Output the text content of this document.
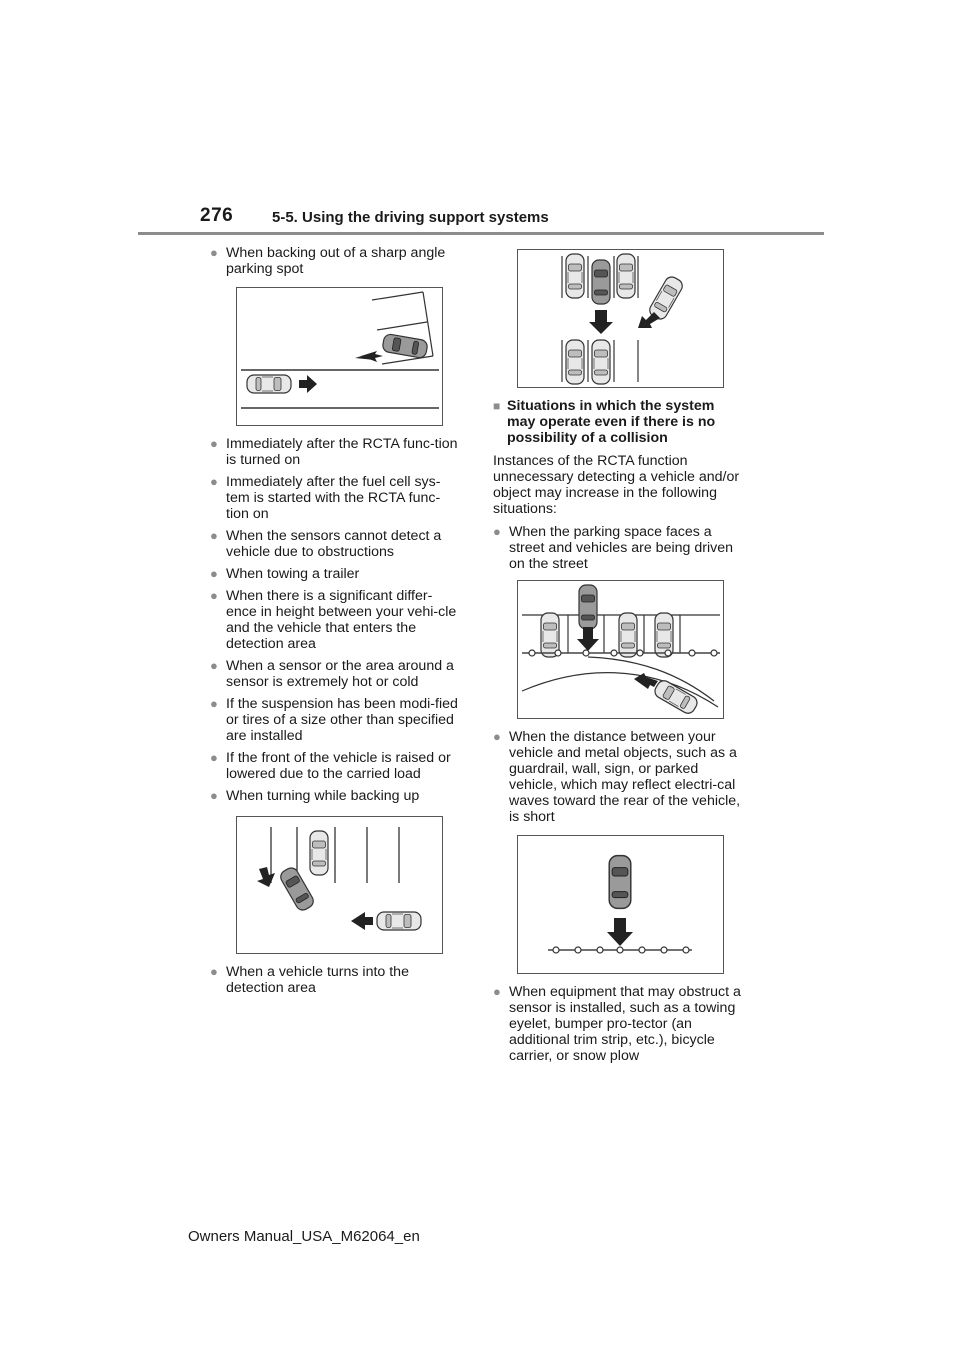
276	5-5. Using the driving support systems
● When backing out of a sharp angle parking spot
● Immediately after the RCTA func-tion is turned on
● Immediately after the fuel cell sys-tem is started with the RCTA func-tion on
● When the sensors cannot detect a vehicle due to obstructions
● When towing a trailer
● When there is a significant differ-ence in height between your vehi-cle and the vehicle that enters the detection area
● When a sensor or the area around a sensor is extremely hot or cold
● If the suspension has been modi-fied or tires of a size other than specified are installed
● If the front of the vehicle is raised or lowered due to the carried load
● When turning while backing up
● When a vehicle turns into the detection area
■ Situations in which the system may operate even if there is no possibility of a collision
Instances of the RCTA function unnecessary detecting a vehicle and/or object may increase in the following situations:
● When the parking space faces a street and vehicles are being driven on the street
● When the distance between your vehicle and metal objects, such as a guardrail, wall, sign, or parked vehicle, which may reflect electri-cal waves toward the rear of the vehicle, is short
● When equipment that may obstruct a sensor is installed, such as a towing eyelet, bumper pro-tector (an additional trim strip, etc.), bicycle carrier, or snow plow
Owners Manual_USA_M62064_en
